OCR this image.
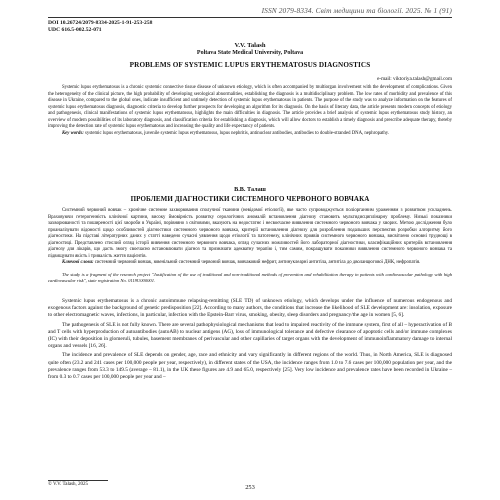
ISSN 2079-8334. Світ медицини та біології. 2025. № 1 (91)
DOI 10.26724/2079-8334-2025-1-91-253-258
UDC 616.5-002.52-071
V.V. Talash
Poltava State Medical University, Poltava
PROBLEMS OF SYSTEMIC LUPUS ERYTHEMATOSUS DIAGNOSTICS
e-mail: viktoriya.talash@gmail.com

Systemic lupus erythematosus is a chronic systemic connective tissue disease of unknown etiology, which is often accompanied by multiorgan involvement with the development of complications. Given the heterogeneity of the clinical picture, the high probability of developing serological abnormalities, establishing the diagnosis is a multidisciplinary problem. The low rates of morbidity and prevalence of this disease in Ukraine, compared to the global ones, indicate insufficient and untimely detection of systemic lupus erythematosus in patients. The purpose of the study was to analyze information on the features of systemic lupus erythematosus diagnosis, diagnostic criteria to develop further prospects for developing an algorithm for its diagnosis. On the basis of literary data, the article presents modern concepts of etiology and pathogenesis, clinical manifestations of systemic lupus erythematosus, highlights the main difficulties in diagnosis. The article provides a brief analysis of systemic lupus erythematosus study history, an overview of modern possibilities of its laboratory diagnosis, and classification criteria for establishing a diagnosis, which will allow doctors to establish a timely diagnosis and prescribe adequate therapy, thereby improving the detection rate of systemic lupus erythematosus and increasing the quality and life expectancy of patients.

Key words: systemic lupus erythematosus, juvenile systemic lupus erythematosus, lupus nephritis, antinuclear antibodies, antibodies to double-stranded DNA, nephropathy.

В.В. Талаш
ПРОБЛЕМИ ДІАГНОСТИКИ СИСТЕМНОГО ЧЕРВОНОГО ВОВЧАКА

Системний червоний вовчак – хронічне системне захворювання сполучної тканини (невідомої етіології), яке часто супроводжується поліорганним ураженням з розвитком ускладнень. Враховуючи гетерогенність клінічної картини, високу ймовірність розвитку серологічних аномалій встановлення діагнозу становить мультидисциплінарну проблему. Низькі показники захворюваності та поширеності цієї хвороби в Україні, порівняно з світовими, вказують на недостатнє і несвоєчасне виявлення системного червоного вовчака у хворих. Метою дослідження було проаналізувати відомості щодо особливостей діагностики системного червоного вовчака, критерії встановлення діагнозу для розроблення подальших перспектив розробки алгоритму його діагностики. На підставі літературних даних у статті наведено сучасні уявлення щодо етіології та патогенезу, клінічних проявів системного червоного вовчака, висвітлено основні труднощі в діагностиці. Представлено стислий огляд історії вивчення системного червоного вовчака, огляд сучасних можливостей його лабораторної діагностики, класифікаційних критеріїв встановлення діагнозу для лікарів, що дасть змогу своєчасно встановлювати діагноз та призначати адекватну терапію і, тим самим, покращувати показники виявлення системного червоного вовчака та підвищувати якість і тривалість життя пацієнтів.

Ключові слова: системний червоний вовчак, ювенільний системний червоний вовчак, вовчаковий нефрит, антинуклеарні антитіла, антитіла до дволанцюгової ДНК, нефропатія.

The study is a fragment of the research project "Justification of the use of traditional and non-traditional methods of prevention and rehabilitation therapy in patients with cardiovascular pathology with high cardiovascular risk", state registration No. 0119U000001.

Systemic lupus erythematosus is a chronic autoimmune relapsing-remitting (SLE TD) of unknown etiology, which develops under the influence of numerous endogenous and exogenous factors against the background of genetic predisposition [22]. According to many authors, the conditions that increase the likelihood of SLE development are: insolation, exposure to other electromagnetic waves, infections, in particular, infection with the Epstein-Barr virus, smoking, obesity, sleep disorders and pregnancy/the age in women [5, 6].

The pathogenesis of SLE is not fully known. There are several pathophysiological mechanisms that lead to impaired reactivity of the immune system, first of all – hyperactivation of B and T cells with hyperproduction of autoantibodies (autoAB) to nuclear antigens (AG), loss of immunological tolerance and defective clearance of apoptotic cells and/or immune complexes (IC) with their deposition in glomeruli, tubules, basement membranes of perivascular and other capillaries of target organs with the development of immunoinflammatory damage to internal organs and vessels [16, 26].

The incidence and prevalence of SLE depends on gender, age, race and ethnicity and vary significantly in different regions of the world. Thus, in North America, SLE is diagnosed quite often (23.2 and 241 cases per 100,000 people per year, respectively), in different states of the USA, the incidence ranges from 1.0 to 7.6 cases per 100,000 population per year, and the prevalence ranges from 53.3 to 149.5 (average – 81.1), in the UK these figures are 4.9 and 65.0, respectively [25]. Very low incidence and prevalence rates have been recorded in Ukraine – from 0.3 to 0.7 cases per 100,000 people per year and –

© V.V. Talash, 2025	253
